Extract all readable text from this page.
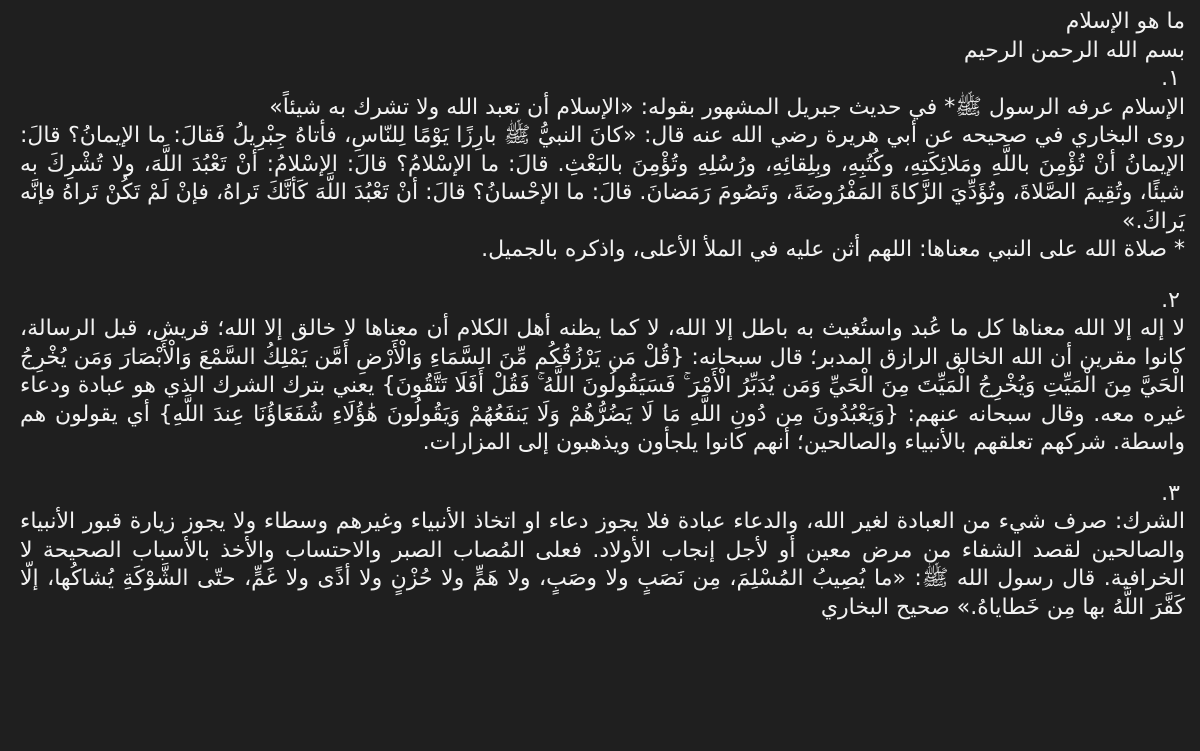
ما هو الإسلام

بسم الله الرحمن الرحيم

١.

الإسلام عرفه الرسول ﷺ* في حديث جبريل المشهور بقوله: «الإسلام أن تعبد الله ولا تشرك به شيئاً»

روى البخاري في صحيحه عن أبي هريرة رضي الله عنه قال: «كانَ النبيُّ ﷺ بارِزًا يَوْمًا لِلنّاسِ، فأتاهُ جِبْرِيلُ فَقالَ: ما الإيمانُ؟ قالَ: الإيمانُ أنْ تُؤْمِنَ باللَّهِ ومَلائِكَتِهِ، وكُتُبِهِ، وبِلِقائِهِ، ورُسُلِهِ وتُؤْمِنَ بالبَعْثِ. قالَ: ما الإسْلامُ؟ قالَ: الإسْلامُ: أنْ تَعْبُدَ اللَّهَ، ولا تُشْرِكَ به شيئًا، وتُقِيمَ الصَّلاةَ، وتُؤَدِّيَ الزَّكاةَ المَفْرُوضَةَ، وتَصُومَ رَمَضانَ. قالَ: ما الإحْسانُ؟ قالَ: أنْ تَعْبُدَ اللَّهَ كَأنَّكَ تَراهُ، فإنْ لَمْ تَكُنْ تَراهُ فإنَّه يَراكَ.»

* صلاة الله على النبي معناها: اللهم أثن عليه في الملأ الأعلى، واذكره بالجميل.

٢.

لا إله إلا الله معناها كل ما عُبد واستُغيث به باطل إلا الله، لا كما يظنه أهل الكلام أن معناها لا خالق إلا الله؛ قريش، قبل الرسالة، كانوا مقرين أن الله الخالق الرازق المدبر؛ قال سبحانه: {قُلْ مَن يَرْزُقُكُم مِّنَ السَّمَاءِ وَالْأَرْضِ أَمَّن يَمْلِكُ السَّمْعَ وَالْأَبْصَارَ وَمَن يُخْرِجُ الْحَيَّ مِنَ الْمَيِّتِ وَيُخْرِجُ الْمَيِّتَ مِنَ الْحَيِّ وَمَن يُدَبِّرُ الْأَمْرَ ۚ فَسَيَقُولُونَ اللَّهُ ۚ فَقُلْ أَفَلَا تَتَّقُونَ} يعني بترك الشرك الذي هو عبادة ودعاء غيره معه. وقال سبحانه عنهم: {وَيَعْبُدُونَ مِن دُونِ اللَّهِ مَا لَا يَضُرُّهُمْ وَلَا يَنفَعُهُمْ وَيَقُولُونَ هَٰؤُلَاءِ شُفَعَاؤُنَا عِندَ اللَّهِ} أي يقولون هم واسطة. شركهم تعلقهم بالأنبياء والصالحين؛ أنهم كانوا يلجأون ويذهبون إلى المزارات.

٣.

الشرك: صرف شيء من العبادة لغير الله، والدعاء عبادة فلا يجوز دعاء او اتخاذ الأنبياء وغيرهم وسطاء ولا يجوز زيارة قبور الأنبياء والصالحين لقصد الشفاء من مرض معين أو لأجل إنجاب الأولاد. فعلى المُصاب الصبر والاحتساب والأخذ بالأسباب الصحيحة لا الخرافية. قال رسول الله ﷺ: «ما يُصِيبُ المُسْلِمَ، مِن نَصَبٍ ولا وصَبٍ، ولا هَمٍّ ولا حُزْنٍ ولا أذًى ولا غَمٍّ، حتّى الشَّوْكَةِ يُشاكُها، إلّا كَفَّرَ اللَّهُ بها مِن خَطاياهُ.» صحيح البخاري
